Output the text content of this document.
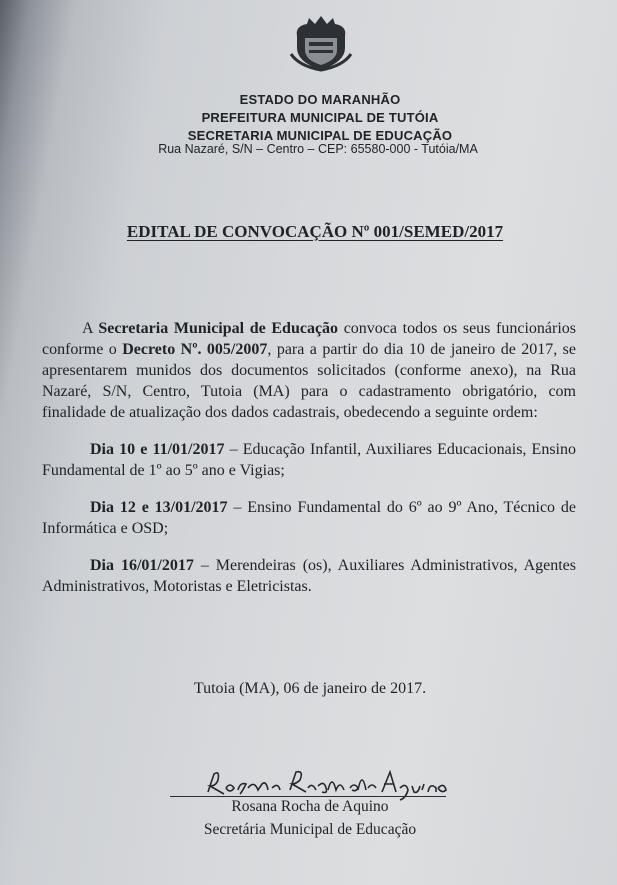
ESTADO DO MARANHÃO
PREFEITURA MUNICIPAL DE TUTÓIA
SECRETARIA MUNICIPAL DE EDUCAÇÃO
Rua Nazaré, S/N – Centro – CEP: 65580-000 - Tutóia/MA
EDITAL DE CONVOCAÇÃO Nº 001/SEMED/2017

A Secretaria Municipal de Educação convoca todos os seus funcionários conforme o Decreto Nº. 005/2007, para a partir do dia 10 de janeiro de 2017, se apresentarem munidos dos documentos solicitados (conforme anexo), na Rua Nazaré, S/N, Centro, Tutoia (MA) para o cadastramento obrigatório, com finalidade de atualização dos dados cadastrais, obedecendo a seguinte ordem:

Dia 10 e 11/01/2017 – Educação Infantil, Auxiliares Educacionais, Ensino Fundamental de 1º ao 5º ano e Vigias;

Dia 12 e 13/01/2017 – Ensino Fundamental do 6º ao 9º Ano, Técnico de Informática e OSD;

Dia 16/01/2017 – Merendeiras (os), Auxiliares Administrativos, Agentes Administrativos, Motoristas e Eletricistas.

Tutoia (MA), 06 de janeiro de 2017.
Rosana Rocha de Aquino
Secretária Municipal de Educação
